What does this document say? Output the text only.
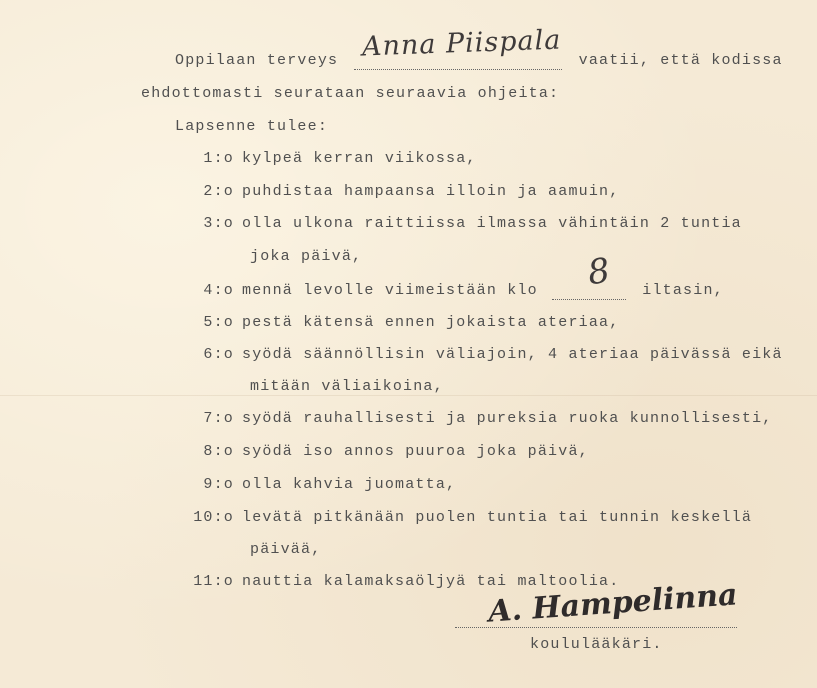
Oppilaan terveys	vaatii, että kodissa
Anna Piispala
ehdottomasti seurataan seuraavia ohjeita:
Lapsenne tulee:
1:o kylpeä kerran viikossa,
2:o puhdistaa hampaansa illoin ja aamuin,
3:o olla ulkona raittiissa ilmassa vähintäin 2 tuntia
joka päivä,
4:o mennä levolle viimeistään klo	iltasin,
8
5:o pestä kätensä ennen jokaista ateriaa,
6:o syödä säännöllisin väliajoin, 4 ateriaa päivässä eikä
mitään väliaikoina,
7:o syödä rauhallisesti ja pureksia ruoka kunnollisesti,
8:o syödä iso annos puuroa joka päivä,
9:o olla kahvia juomatta,
10:o levätä pitkänään puolen tuntia tai tunnin keskellä
päivää,
11:o nauttia kalamaksaöljyä tai maltoolia.
A. Hampelinna
koululääkäri.
